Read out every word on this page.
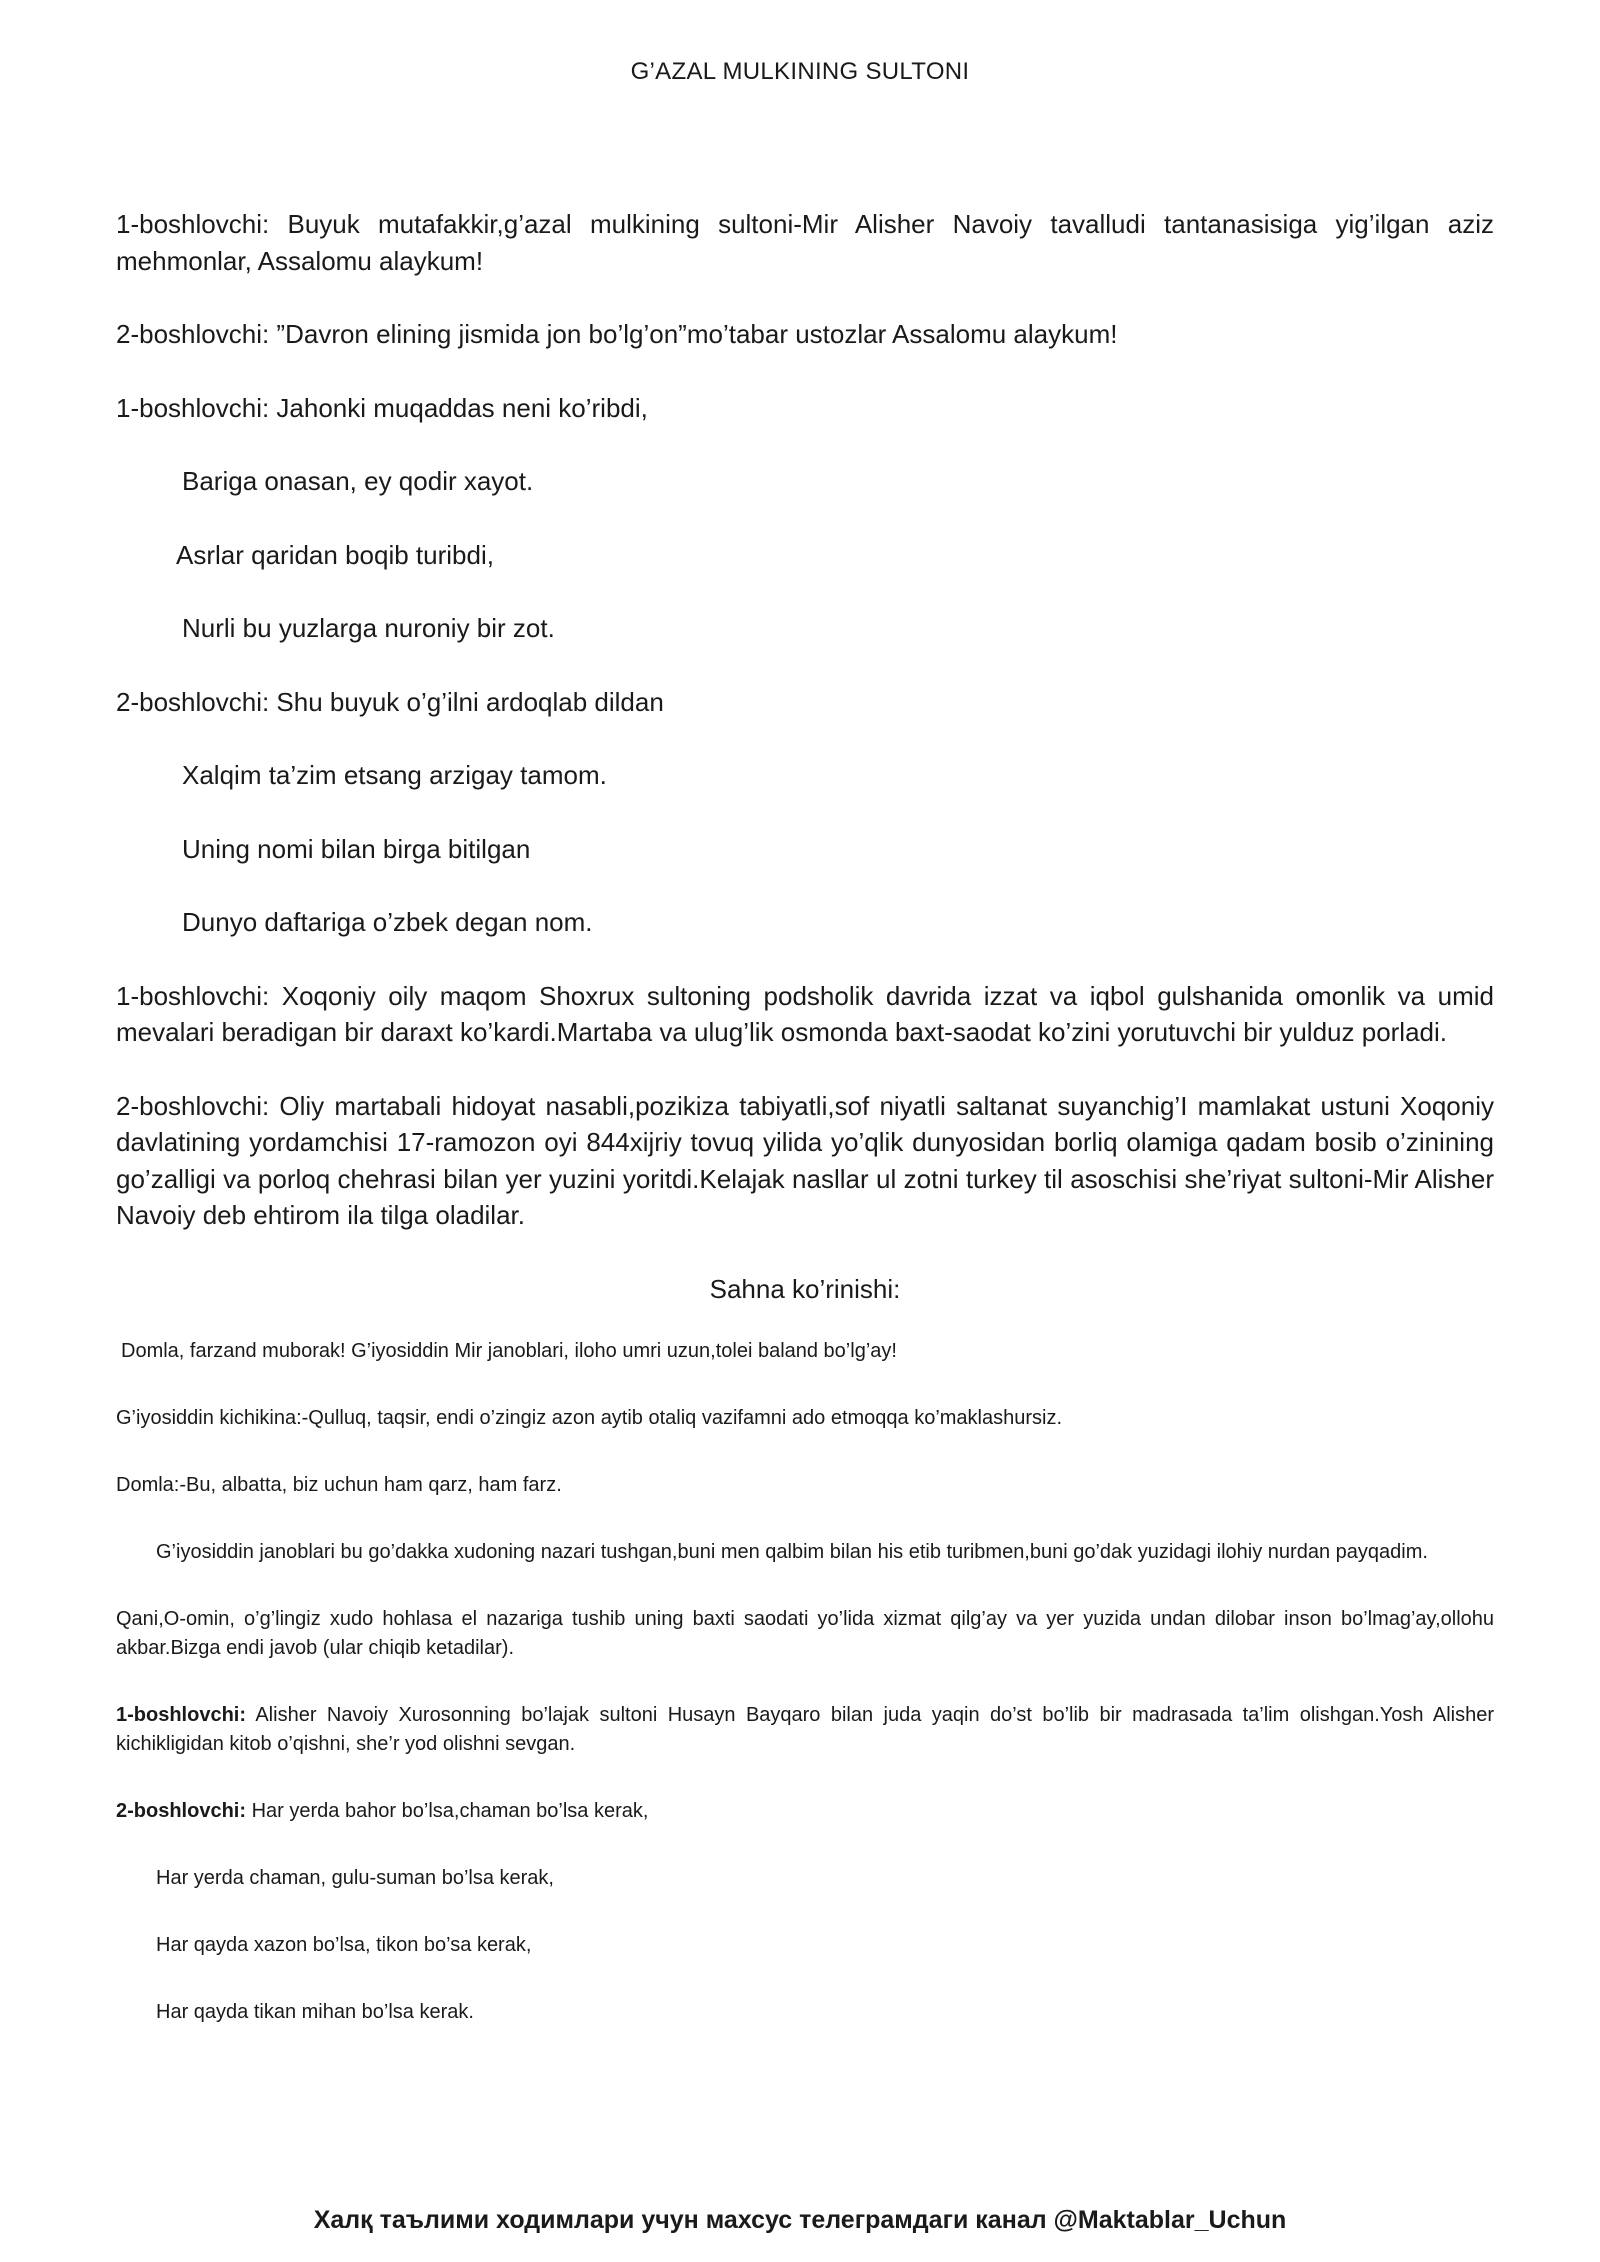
G’AZAL MULKINING SULTONI

1-boshlovchi: Buyuk mutafakkir,g’azal mulkining sultoni-Mir Alisher Navoiy tavalludi tantanasisiga yig’ilgan aziz mehmonlar, Assalomu alaykum!

2-boshlovchi: ”Davron elining jismida jon bo’lg’on”mo’tabar ustozlar Assalomu alaykum!

1-boshlovchi: Jahonki muqaddas neni ko’ribdi,

Bariga onasan, ey qodir xayot.

Asrlar qaridan boqib turibdi,

Nurli bu yuzlarga nuroniy bir zot.

2-boshlovchi: Shu buyuk o’g’ilni ardoqlab dildan

Xalqim ta’zim etsang arzigay tamom.

Uning nomi bilan birga bitilgan

Dunyo daftariga o’zbek degan nom.

1-boshlovchi: Xoqoniy oily maqom Shoxrux sultoning podsholik davrida izzat va iqbol gulshanida omonlik va umid mevalari beradigan bir daraxt ko’kardi.Martaba va ulug’lik osmonda baxt-saodat ko’zini yorutuvchi bir yulduz porladi.

2-boshlovchi: Oliy martabali hidoyat nasabli,pozikiza tabiyatli,sof niyatli saltanat suyanchig’I mamlakat ustuni Xoqoniy davlatining yordamchisi 17-ramozon oyi 844xijriy tovuq yilida yo’qlik dunyosidan borliq olamiga qadam bosib o’zinining go’zalligi va porloq chehrasi bilan yer yuzini yoritdi.Kelajak nasllar ul zotni turkey til asoschisi she’riyat sultoni-Mir Alisher Navoiy deb ehtirom ila tilga oladilar.

Sahna ko’rinishi:

Domla, farzand muborak! G’iyosiddin Mir janoblari, iloho umri uzun,tolei baland bo’lg’ay!

G’iyosiddin kichikina:-Qulluq, taqsir, endi o’zingiz azon aytib otaliq vazifamni ado etmoqqa ko’maklashursiz.

Domla:-Bu, albatta, biz uchun ham qarz, ham farz.

G’iyosiddin janoblari bu go’dakka xudoning nazari tushgan,buni men qalbim bilan his etib turibmen,buni go’dak yuzidagi ilohiy nurdan payqadim.

Qani,O-omin, o’g’lingiz xudo hohlasa el nazariga tushib uning baxti saodati yo’lida xizmat qilg’ay va yer yuzida undan dilobar inson bo’lmag’ay,ollohu akbar.Bizga endi javob (ular chiqib ketadilar).

1-boshlovchi: Alisher Navoiy Xurosonning bo’lajak sultoni Husayn Bayqaro bilan juda yaqin do’st bo’lib bir madrasada ta’lim olishgan.Yosh Alisher kichikligidan kitob o’qishni, she’r yod olishni sevgan.

2-boshlovchi: Har yerda bahor bo’lsa,chaman bo’lsa kerak,

Har yerda chaman, gulu-suman bo’lsa kerak,

Har qayda xazon bo’lsa, tikon bo’sa kerak,

Har qayda tikan mihan bo’lsa kerak.

Халқ таълими ходимлари учун махсус телеграмдаги канал @Maktablar_Uchun
